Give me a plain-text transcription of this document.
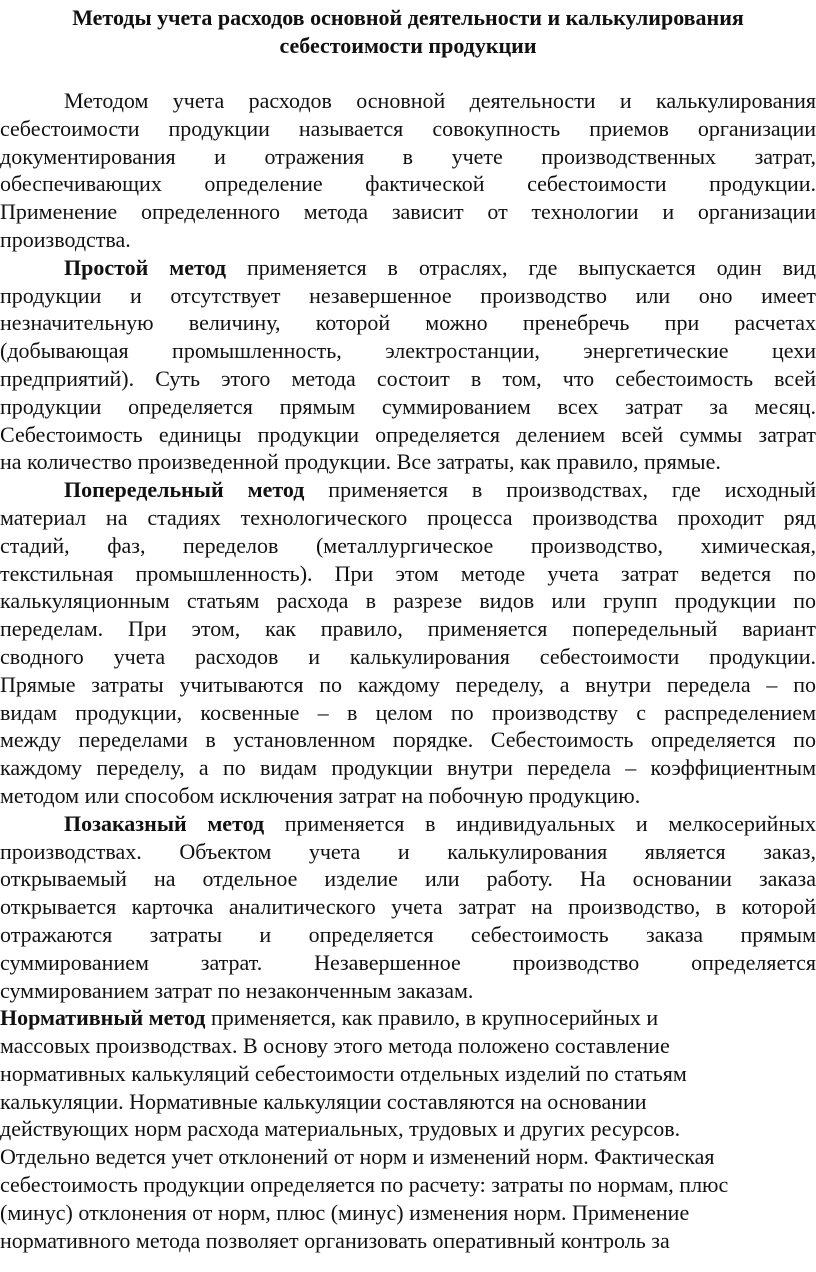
Методы учета расходов основной деятельности и калькулирования
себестоимости продукции
Методом учета расходов основной деятельности и калькулирования
себестоимости продукции называется совокупность приемов организации
документирования и отражения в учете производственных затрат,
обеспечивающих определение фактической себестоимости продукции.
Применение определенного метода зависит от технологии и организации
производства.
Простой метод применяется в отраслях, где выпускается один вид
продукции и отсутствует незавершенное производство или оно имеет
незначительную величину, которой можно пренебречь при расчетах
(добывающая промышленность, электростанции, энергетические цехи
предприятий). Суть этого метода состоит в том, что себестоимость всей
продукции определяется прямым суммированием всех затрат за месяц.
Себестоимость единицы продукции определяется делением всей суммы затрат
на количество произведенной продукции. Все затраты, как правило, прямые.
Попередельный метод применяется в производствах, где исходный
материал на стадиях технологического процесса производства проходит ряд
стадий, фаз, переделов (металлургическое производство, химическая,
текстильная промышленность). При этом методе учета затрат ведется по
калькуляционным статьям расхода в разрезе видов или групп продукции по
переделам. При этом, как правило, применяется попередельный вариант
сводного учета расходов и калькулирования себестоимости продукции.
Прямые затраты учитываются по каждому переделу, а внутри передела – по
видам продукции, косвенные – в целом по производству с распределением
между переделами в установленном порядке. Себестоимость определяется по
каждому переделу, а по видам продукции внутри передела – коэффициентным
методом или способом исключения затрат на побочную продукцию.
Позаказный метод применяется в индивидуальных и мелкосерийных
производствах. Объектом учета и калькулирования является заказ,
открываемый на отдельное изделие или работу. На основании заказа
открывается карточка аналитического учета затрат на производство, в которой
отражаются затраты и определяется себестоимость заказа прямым
суммированием затрат. Незавершенное производство определяется
суммированием затрат по незаконченным заказам.
Нормативный метод применяется, как правило, в крупносерийных и
массовых производствах. В основу этого метода положено составление
нормативных калькуляций себестоимости отдельных изделий по статьям
калькуляции. Нормативные калькуляции составляются на основании
действующих норм расхода материальных, трудовых и других ресурсов.
Отдельно ведется учет отклонений от норм и изменений норм. Фактическая
себестоимость продукции определяется по расчету: затраты по нормам, плюс
(минус) отклонения от норм, плюс (минус) изменения норм. Применение
нормативного метода позволяет организовать оперативный контроль за
